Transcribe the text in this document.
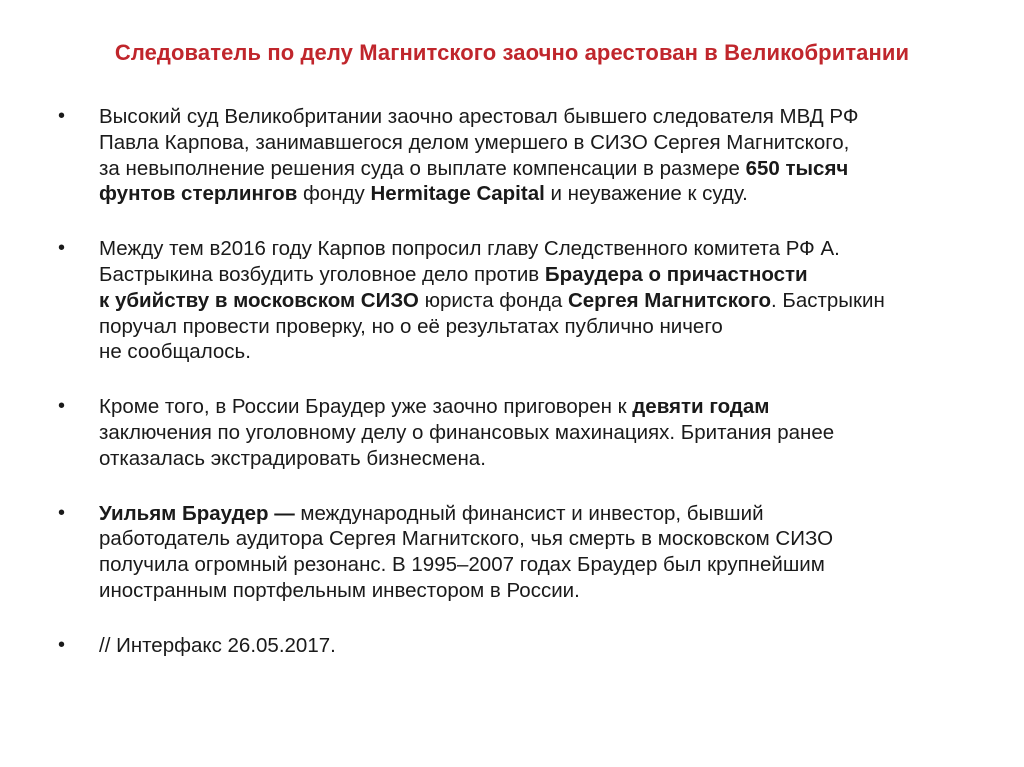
Следователь по делу Магнитского заочно арестован в Великобритании
• Высокий суд Великобритании заочно арестовал бывшего следователя МВД РФ
Павла Карпова, занимавшегося делом умершего в СИЗО Сергея Магнитского,
за невыполнение решения суда о выплате компенсации в размере 650 тысяч
фунтов стерлингов фонду Hermitage Capital и неуважение к суду.
• Между тем в2016 году Карпов попросил главу Следственного комитета РФ А.
Бастрыкина возбудить уголовное дело против Браудера о причастности
к убийству в московском СИЗО юриста фонда Сергея Магнитского. Бастрыкин
поручал провести проверку, но о её результатах публично ничего
не сообщалось.
• Кроме того, в России Браудер уже заочно приговорен к девяти годам
заключения по уголовному делу о финансовых махинациях. Британия ранее
отказалась экстрадировать бизнесмена.
• Уильям Браудер — международный финансист и инвестор, бывший
работодатель аудитора Сергея Магнитского, чья смерть в московском СИЗО
получила огромный резонанс. В 1995–2007 годах Браудер был крупнейшим
иностранным портфельным инвестором в России.
• // Интерфакс 26.05.2017.
